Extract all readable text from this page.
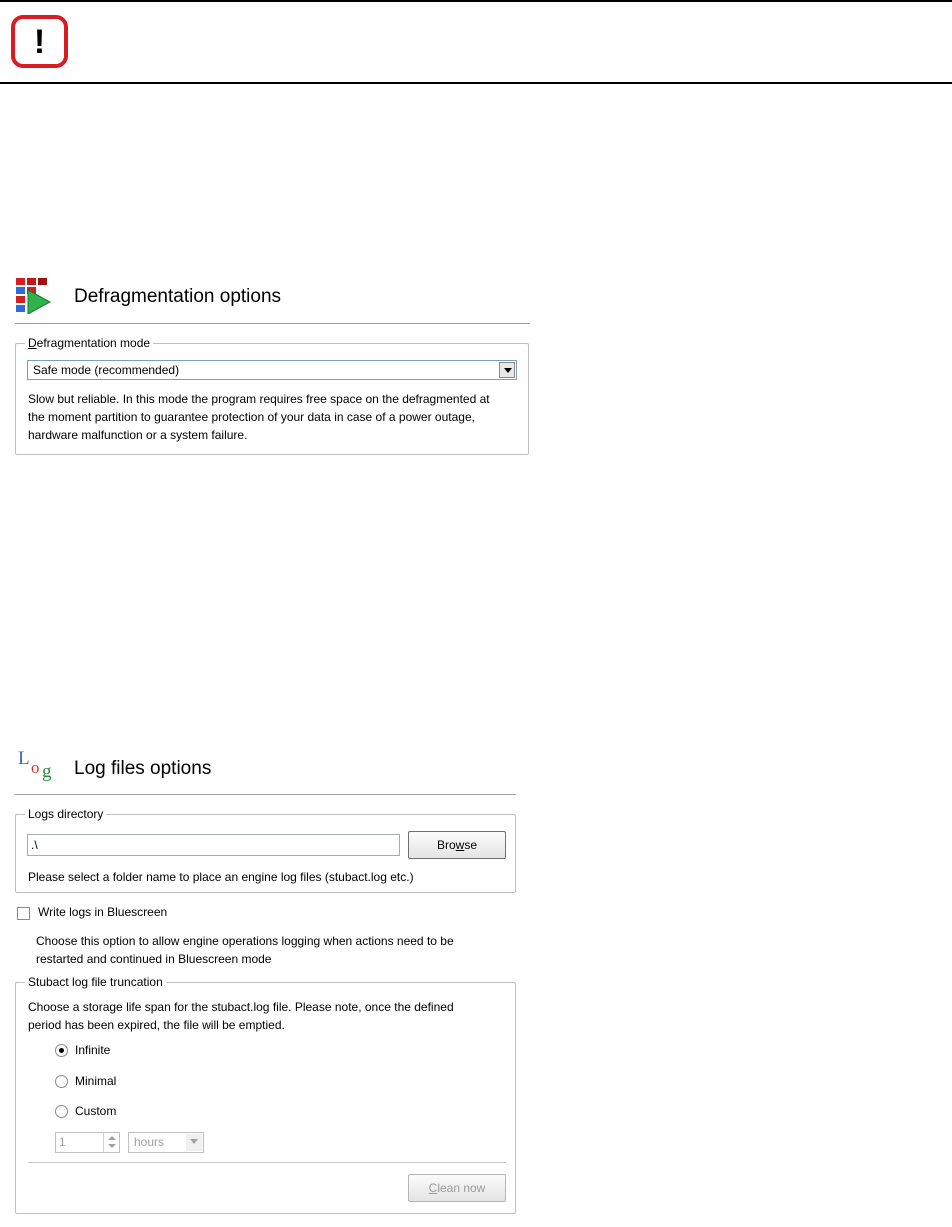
!
Defragmentation options
Defragmentation mode
Safe mode (recommended)
Slow but reliable. In this mode the program requires free space on the defragmented at
the moment partition to guarantee protection of your data in case of a power outage,
hardware malfunction or a system failure.
L o g Log files options
Logs directory
.\	Bro w se
Please select a folder name to place an engine log files (stubact.log etc.)
Write logs in Bluescreen
Choose this option to allow engine operations logging when actions need to be
restarted and continued in Bluescreen mode
Stubact log file truncation
Choose a storage life span for the stubact.log file. Please note, once the defined
period has been expired, the file will be emptied.
Infinite
Minimal
Custom
1	hours
C lean now
